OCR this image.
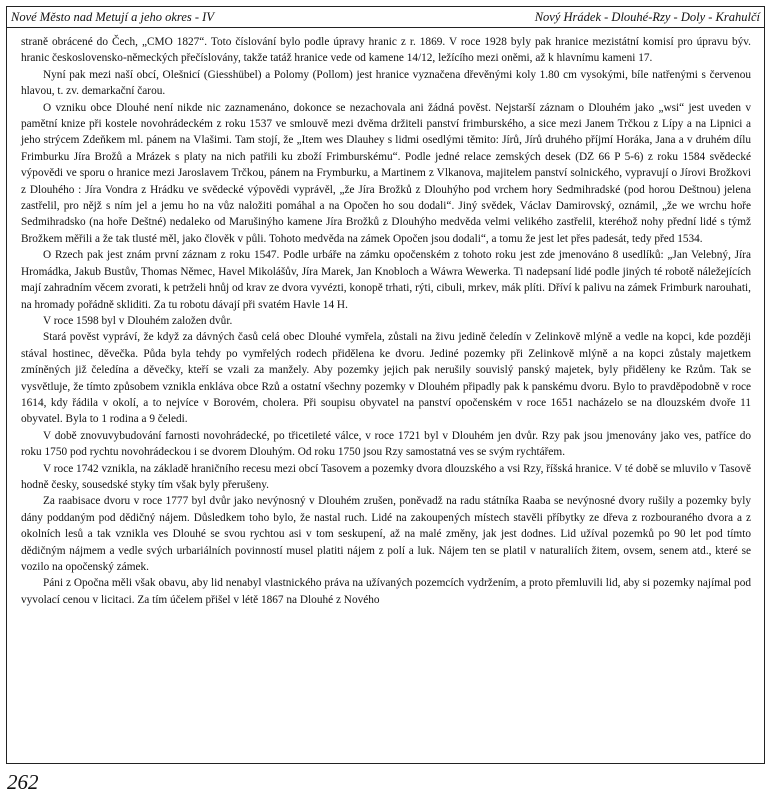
Nové Město nad Metují a jeho okres - IV	Nový Hrádek - Dlouhé-Rzy - Doly - Krahulčí

straně obrácené do Čech, „CMO 1827“. Toto číslování bylo podle úpravy hranic z r. 1869. V roce 1928 byly pak hranice mezistátní komisí pro úpravu býv. hranic československo-německých přečíslovány, takže tatáž hranice vede od kamene 14/12, ležícího mezi oněmi, až k hlavnímu kameni 17.

Nyní pak mezi naší obcí, Olešnicí (Giesshübel) a Polomy (Pollom) jest hranice vyznačena dřevěnými koly 1.80 cm vysokými, bíle natřenými s červenou hlavou, t. zv. demarkační čarou.

O vzniku obce Dlouhé není nikde nic zaznamenáno, dokonce se nezachovala ani žádná pověst. Nejstarší záznam o Dlouhém jako „wsi“ jest uveden v pamětní knize při kostele novohrádeckém z roku 1537 ve smlouvě mezi dvěma držiteli panství frimburského, a sice mezi Janem Trčkou z Lípy a na Lipnici a jeho strýcem Zdeňkem ml. pánem na Vlašimi. Tam stojí, že „Item wes Dlauhey s lidmi osedlými těmito: Jírů, Jírů druhého příjmí Horáka, Jana a v druhém dílu Frimburku Jíra Brožů a Mrázek s platy na nich patřili ku zboží Frimburskému“. Podle jedné relace zemských desek (DZ 66 P 5-6) z roku 1584 svědecké výpovědi ve sporu o hranice mezi Jaroslavem Trčkou, pánem na Frymburku, a Martinem z Vlkanova, majitelem panství solnického, vypravují o Jírovi Brožkovi z Dlouhého : Jíra Vondra z Hrádku ve svědecké výpovědi vyprávěl, „že Jíra Brožků z Dlouhýho pod vrchem hory Sedmihradské (pod horou Deštnou) jelena zastřelil, pro nějž s ním jel a jemu ho na vůz naložiti pomáhal a na Opočen ho sou dodali“. Jiný svědek, Václav Damirovský, oznámil, „že we wrchu hoře Sedmihradsko (na hoře Deštné) nedaleko od Marušinýho kamene Jíra Brožků z Dlouhýho medvěda velmi velikého zastřelil, kteréhož nohy přední lidé s týmž Brožkem měřili a že tak tlusté měl, jako člověk v půli. Tohoto medvěda na zámek Opočen jsou dodali“, a tomu že jest let přes padesát, tedy před 1534.

O Rzech pak jest znám první záznam z roku 1547. Podle urbáře na zámku opočenském z tohoto roku jest zde jmenováno 8 usedlíků: „Jan Velebný, Jíra Hromádka, Jakub Bustův, Thomas Němec, Havel Mikolášův, Jíra Marek, Jan Knobloch a Wáwra Wewerka. Ti nadepsaní lidé podle jiných té robotě náležejících mají zahradním věcem zvorati, k petrželi hnůj od krav ze dvora vyvézti, konopě trhati, rýti, cibuli, mrkev, mák plíti. Dříví k palivu na zámek Frimburk narouhati, na hromady pořádně skliditi. Za tu robotu dávají při svatém Havle 14 H.

V roce 1598 byl v Dlouhém založen dvůr.

Stará pověst vypráví, že když za dávných časů celá obec Dlouhé vymřela, zůstali na živu jedině čeledín v Zelinkově mlýně a vedle na kopci, kde později stával hostinec, děvečka. Půda byla tehdy po vymřelých rodech přidělena ke dvoru. Jediné pozemky při Zelinkově mlýně a na kopci zůstaly majetkem zmíněných již čeledína a děvečky, kteří se vzali za manžely. Aby pozemky jejich pak nerušily souvislý panský majetek, byly přiděleny ke Rzům. Tak se vysvětluje, že tímto způsobem vznikla enkláva obce Rzů a ostatní všechny pozemky v Dlouhém připadly pak k panskému dvoru. Bylo to pravděpodobně v roce 1614, kdy řádila v okolí, a to nejvíce v Borovém, cholera. Při soupisu obyvatel na panství opočenském v roce 1651 nacházelo se na dlouzském dvoře 11 obyvatel. Byla to 1 rodina a 9 čeledi.

V době znovuvybudování farnosti novohrádecké, po třicetileté válce, v roce 1721 byl v Dlouhém jen dvůr. Rzy pak jsou jmenovány jako ves, patříce do roku 1750 pod rychtu novohrádeckou i se dvorem Dlouhým. Od roku 1750 jsou Rzy samostatná ves se svým rychtářem.

V roce 1742 vznikla, na základě hraničního recesu mezi obcí Tasovem a pozemky dvora dlouzského a vsi Rzy, říšská hranice. V té době se mluvilo v Tasově hodně česky, sousedské styky tím však byly přerušeny.

Za raabisace dvoru v roce 1777 byl dvůr jako nevýnosný v Dlouhém zrušen, poněvadž na radu státníka Raaba se nevýnosné dvory rušily a pozemky byly dány poddaným pod dědičný nájem. Důsledkem toho bylo, že nastal ruch. Lidé na zakoupených místech stavěli příbytky ze dřeva z rozbouraného dvora a z okolních lesů a tak vznikla ves Dlouhé se svou rychtou asi v tom seskupení, až na malé změny, jak jest dodnes. Lid užíval pozemků po 90 let pod tímto dědičným nájmem a vedle svých urbariálních povinností musel platiti nájem z polí a luk. Nájem ten se platil v naturaliích žitem, ovsem, senem atd., které se vozilo na opočenský zámek.

Páni z Opočna měli však obavu, aby lid nenabyl vlastnického práva na užívaných pozemcích vydržením, a proto přemluvili lid, aby si pozemky najímal pod vyvolací cenou v licitaci. Za tím účelem přišel v létě 1867 na Dlouhé z Nového

262
